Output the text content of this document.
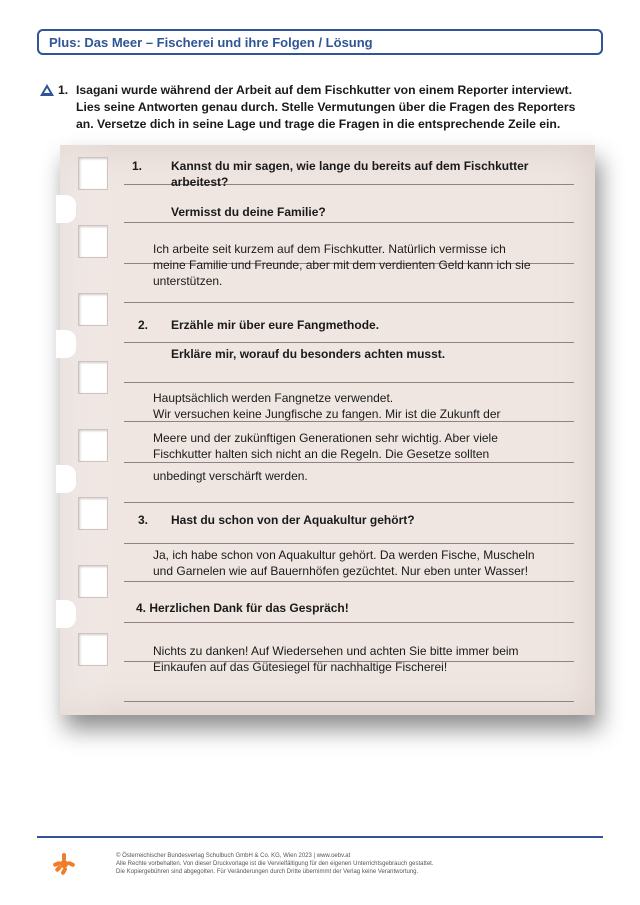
Plus: Das Meer – Fischerei und ihre Folgen / Lösung
1. Isagani wurde während der Arbeit auf dem Fischkutter von einem Reporter interviewt.
Lies seine Antworten genau durch. Stelle Vermutungen über die Fragen des Reporters
an. Versetze dich in seine Lage und trage die Fragen in die entsprechende Zeile ein.
1. Kannst du mir sagen, wie lange du bereits auf dem Fischkutter
arbeitest?
Vermisst du deine Familie?
Ich arbeite seit kurzem auf dem Fischkutter. Natürlich vermisse ich
meine Familie und Freunde, aber mit dem verdienten Geld kann ich sie
unterstützen.
2. Erzähle mir über eure Fangmethode.
Erkläre mir, worauf du besonders achten musst.
Hauptsächlich werden Fangnetze verwendet.
Wir versuchen keine Jungfische zu fangen. Mir ist die Zukunft der
Meere und der zukünftigen Generationen sehr wichtig. Aber viele
Fischkutter halten sich nicht an die Regeln. Die Gesetze sollten
unbedingt verschärft werden.
3. Hast du schon von der Aquakultur gehört?
Ja, ich habe schon von Aquakultur gehört. Da werden Fische, Muscheln
und Garnelen wie auf Bauernhöfen gezüchtet. Nur eben unter Wasser!
4. Herzlichen Dank für das Gespräch!
Nichts zu danken! Auf Wiedersehen und achten Sie bitte immer beim
Einkaufen auf das Gütesiegel für nachhaltige Fischerei!
© Österreichischer Bundesverlag Schulbuch GmbH & Co. KG, Wien 2023 | www.oebv.at
Alle Rechte vorbehalten. Von dieser Druckvorlage ist die Vervielfältigung für den eigenen Unterrichtsgebrauch gestattet.
Die Kopiergebühren sind abgegolten. Für Veränderungen durch Dritte übernimmt der Verlag keine Verantwortung.
